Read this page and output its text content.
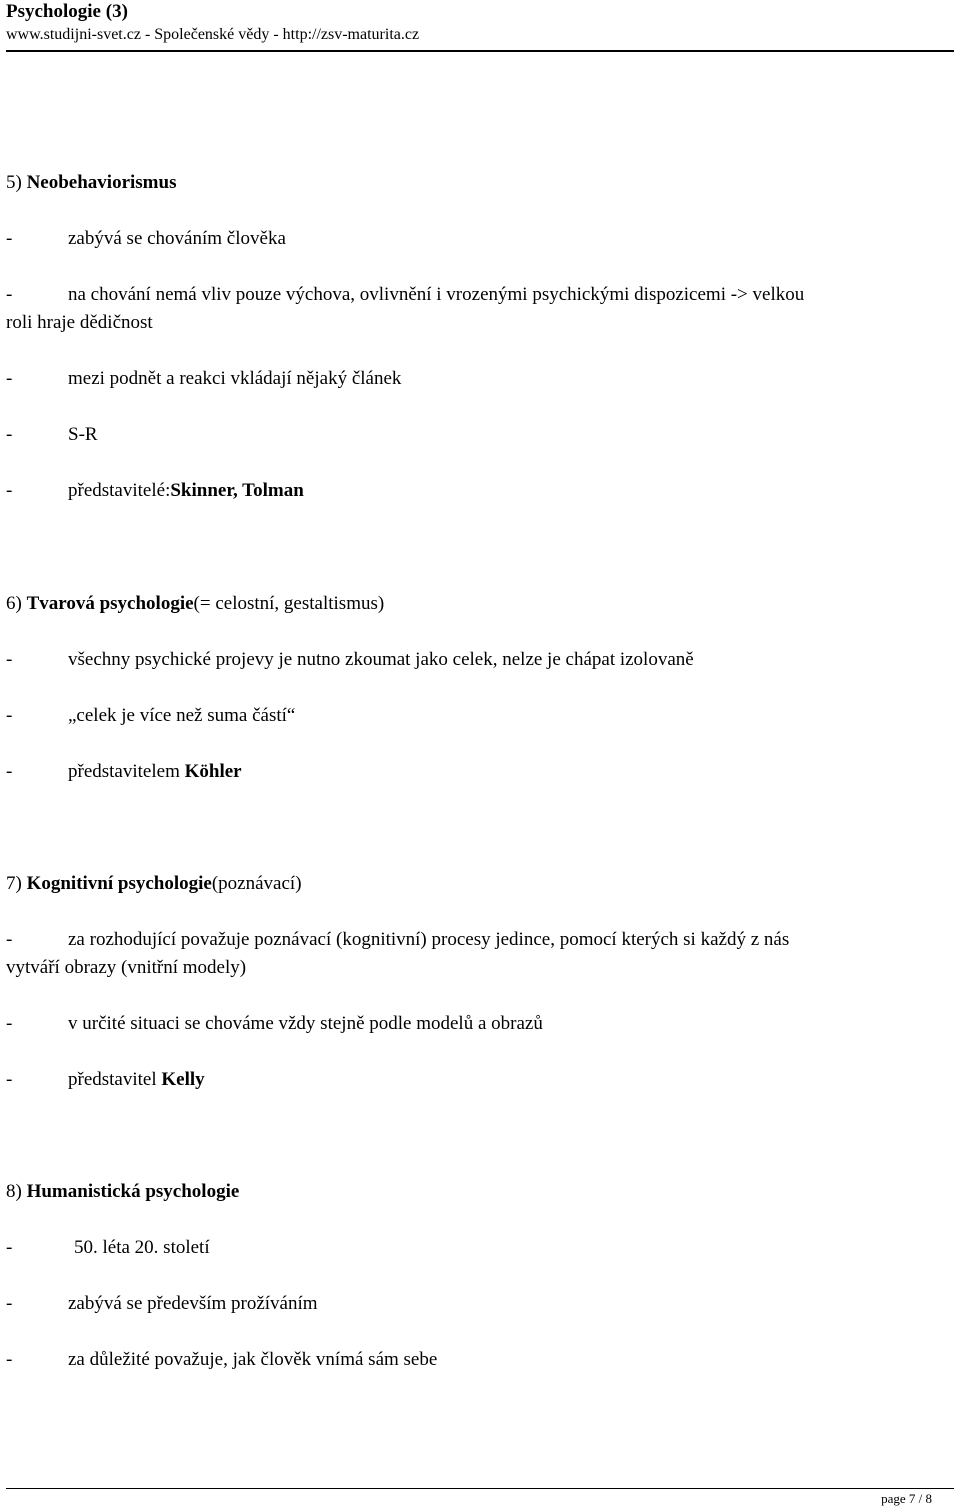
Psychologie (3)
www.studijni-svet.cz - Společenské vědy - http://zsv-maturita.cz
5) Neobehaviorismus
-	zabývá se chováním člověka
-	na chování nemá vliv pouze výchova, ovlivnění i vrozenými psychickými dispozicemi -> velkou
roli hraje dědičnost
-	mezi podnět a reakci vkládají nějaký článek
-	S-R
-	představitelé:Skinner, Tolman
6) Tvarová psychologie(= celostní, gestaltismus)
-	všechny psychické projevy je nutno zkoumat jako celek, nelze je chápat izolovaně
-	„celek je více než suma částí“
-	představitelem Köhler
7) Kognitivní psychologie(poznávací)
-	za rozhodující považuje poznávací (kognitivní) procesy jedince, pomocí kterých si každý z nás
vytváří obrazy (vnitřní modely)
-	v určité situaci se chováme vždy stejně podle modelů a obrazů
-	představitel Kelly
8) Humanistická psychologie
-	50. léta 20. století
-	zabývá se především prožíváním
-	za důležité považuje, jak člověk vnímá sám sebe
page 7 / 8
